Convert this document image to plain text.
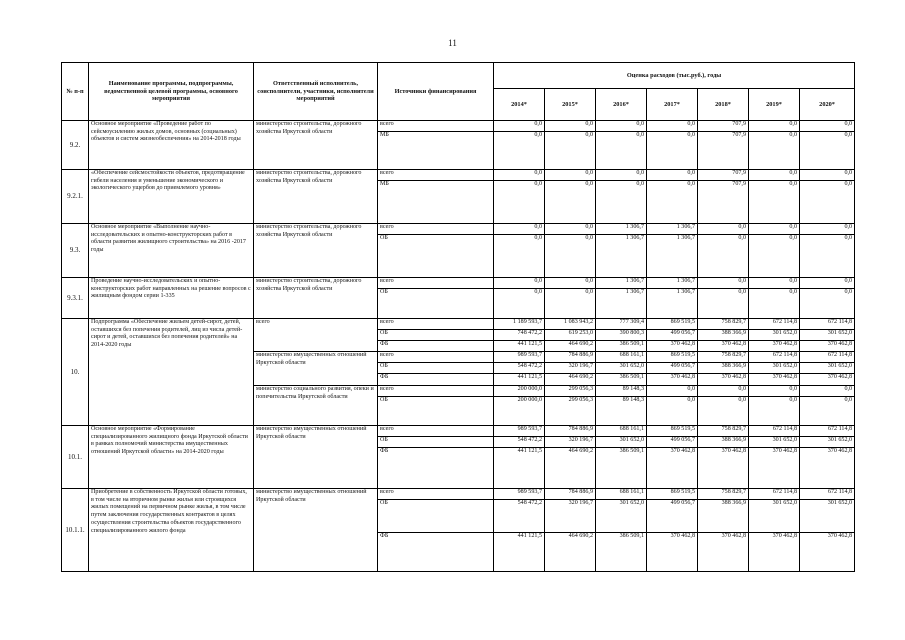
11
№ п-п	Наименование программы, подпрограммы, ведомственной целевой программы, основного мероприятия	Ответственный исполнитель, соисполнители, участники, исполнители мероприятий	Источники финансирования	Оценка расходов (тыс.руб.), годы						
				2014*	2015*	2016*	2017*	2018*	2019*	2020*
9.2.	Основное мероприятие «Проведение работ по сейсмоусилению жилых домов, основных (социальных) объектов и систем жизнеобеспечения» на 2014-2018 годы	министерство строительства, дорожного хозяйства Иркутской области	всего	0,0	0,0	0,0	0,0	707,9	0,0	0,0
			МБ	0,0	0,0	0,0	0,0	707,9	0,0	0,0
9.2.1.	«Обеспечение сейсмостойкости объектов, предотвращение гибели населения и уменьшение экономического и экологического ущербов до приемлемого уровня»	министерство строительства, дорожного хозяйства Иркутской области	всего	0,0	0,0	0,0	0,0	707,9	0,0	0,0
			МБ	0,0	0,0	0,0	0,0	707,9	0,0	0,0
9.3.	Основное мероприятие «Выполнение научно-исследовательских и опытно-конструкторских работ в области развития жилищного строительства» на 2016 -2017 годы	министерство строительства, дорожного хозяйства Иркутской области	всего	0,0	0,0	1 306,7	1 306,7	0,0	0,0	0,0
			ОБ	0,0	0,0	1 306,7	1 306,7	0,0	0,0	0,0
9.3.1.	Проведение научно-исследовательских и опытно-конструкторских работ направленных на решение вопросов с жилищным фондом серии 1-335	министерство строительства, дорожного хозяйства Иркутской области	всего	0,0	0,0	1 306,7	1 306,7	0,0	0,0	0,0
			ОБ	0,0	0,0	1 306,7	1 306,7	0,0	0,0	0,0
10.	Подпрограмма «Обеспечение жильем детей-сирот, детей, оставшихся без попечения родителей, лиц из числа детей-сирот и детей, оставшихся без попечения родителей» на 2014-2020 годы	всего	всего	1 189 593,7	1 083 943,2	777 309,4	869 519,5	758 829,7	672 114,8	672 114,8
			ОБ	748 472,2	619 253,0	390 800,3	499 056,7	388 366,9	301 652,0	301 652,0
			ФБ	441 121,5	464 690,2	386 509,1	370 462,8	370 462,8	370 462,8	370 462,8
		министерство имущественных отношений Иркутской области	всего	989 593,7	784 886,9	688 161,1	869 519,5	758 829,7	672 114,8	672 114,8
			ОБ	548 472,2	320 196,7	301 652,0	499 056,7	388 366,9	301 652,0	301 652,0
			ФБ	441 121,5	464 690,2	386 509,1	370 462,8	370 462,8	370 462,8	370 462,8
		министерство социального развития, опеки и попечительства Иркутской области	всего	200 000,0	299 056,3	89 148,3	0,0	0,0	0,0	0,0
			ОБ	200 000,0	299 056,3	89 148,3	0,0	0,0	0,0	0,0
10.1.	Основное мероприятие «Формирование специализированного жилищного фонда Иркутской области в рамках полномочий министерства имущественных отношений Иркутской области» на 2014-2020 годы	министерство имущественных отношений Иркутской области	всего	989 593,7	784 886,9	688 161,1	869 519,5	758 829,7	672 114,8	672 114,8
			ОБ	548 472,2	320 196,7	301 652,0	499 056,7	388 366,9	301 652,0	301 652,0
			ФБ	441 121,5	464 690,2	386 509,1	370 462,8	370 462,8	370 462,8	370 462,8
10.1.1.	Приобретение в собственность Иркутской области готовых, в том числе на вторичном рынке жилья или строящихся жилых помещений на первичном рынке жилья, в том числе путем заключения государственных контрактов в целях осуществления строительства объектов государственного специализированного жилого фонда	министерство имущественных отношений Иркутской области	всего	989 593,7	784 886,9	688 161,1	869 519,5	758 829,7	672 114,8	672 114,8
			ОБ	548 472,2	320 196,7	301 652,0	499 056,7	388 366,9	301 652,0	301 652,0
			ФБ	441 121,5	464 690,2	386 509,1	370 462,8	370 462,8	370 462,8	370 462,8
